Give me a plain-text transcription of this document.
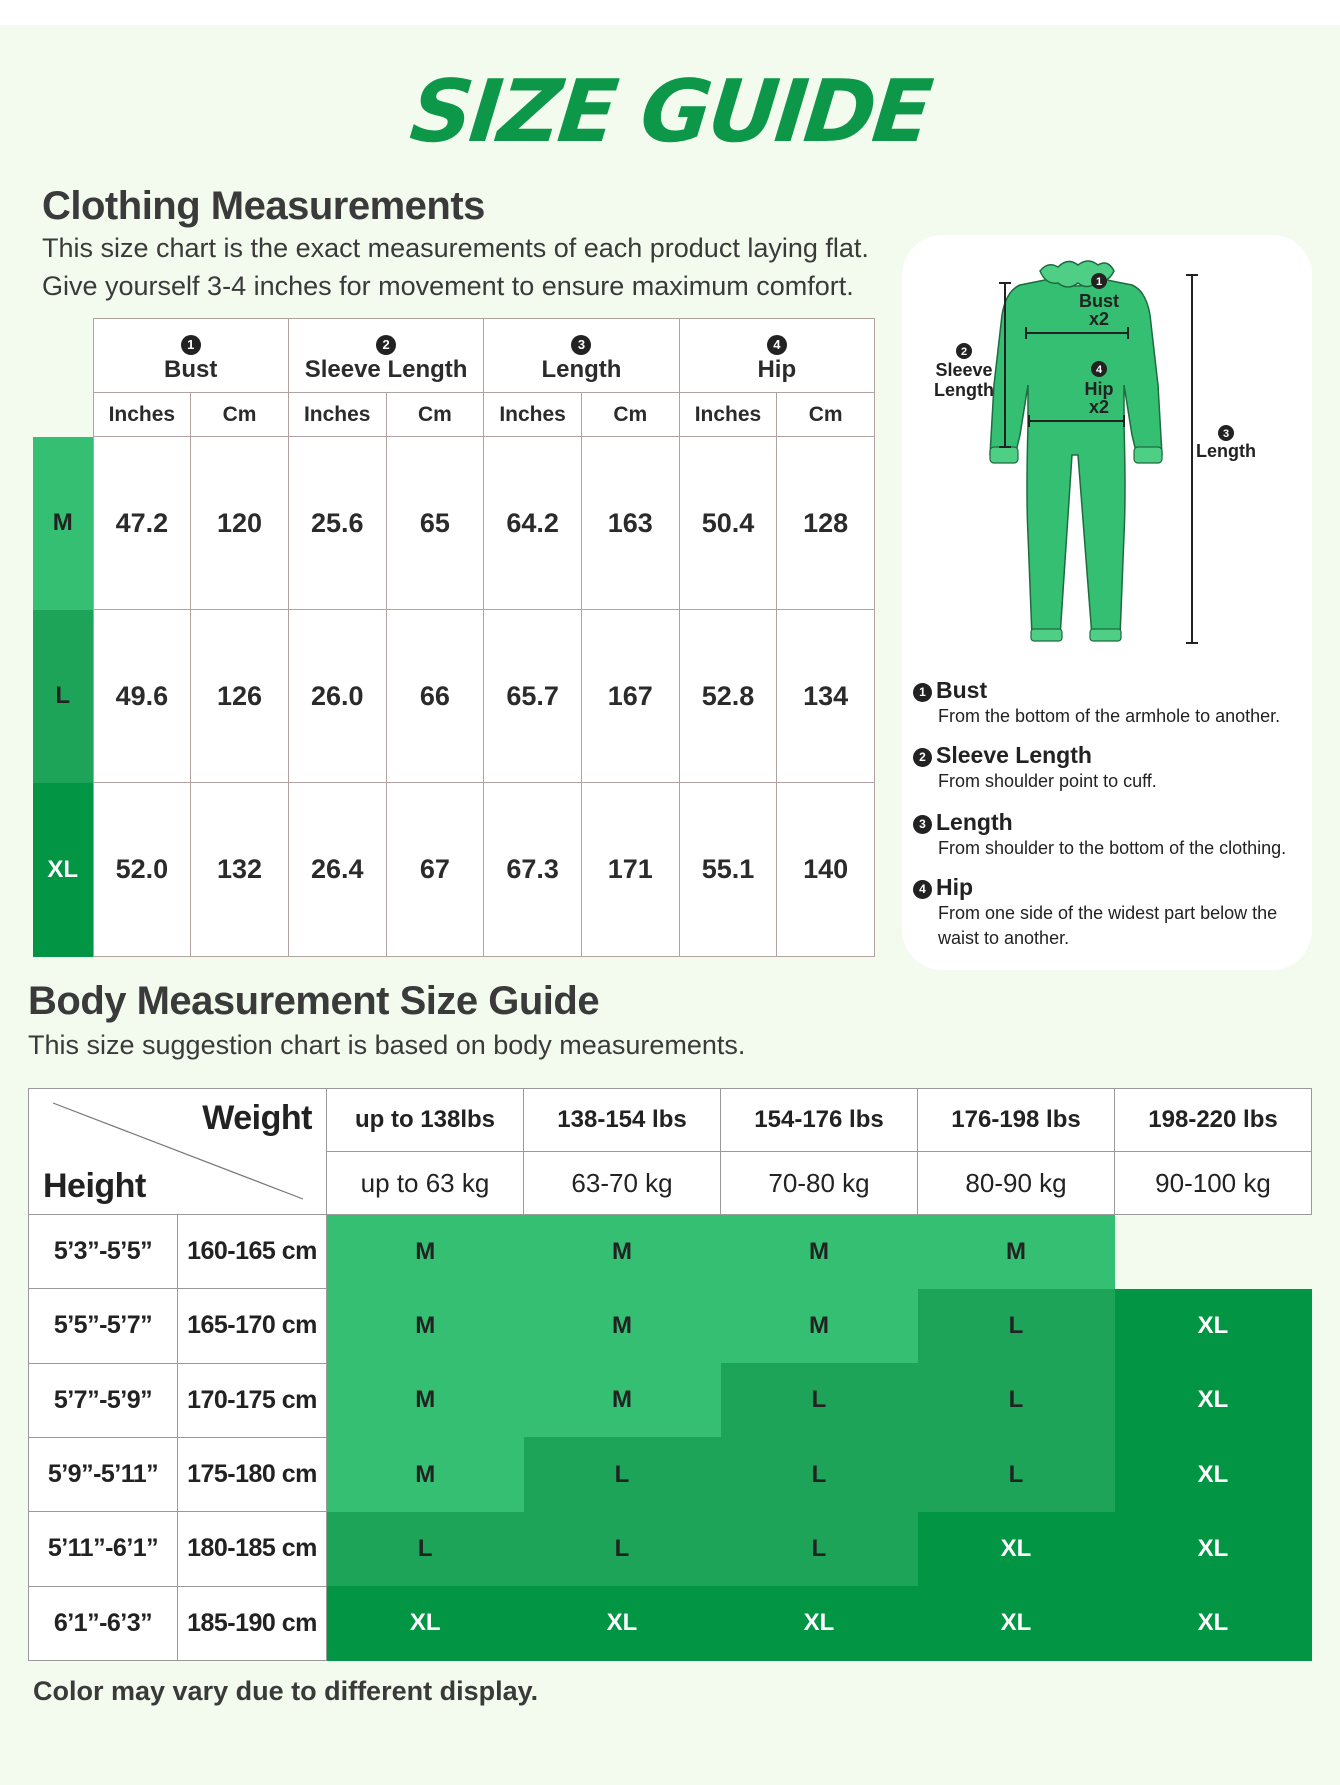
SIZE GUIDE
Clothing Measurements
This size chart is the exact measurements of each product laying flat.
Give yourself 3-4 inches for movement to ensure maximum comfort.
	1
Bust		2
Sleeve Length		3
Length		4
Hip	
	Inches	Cm	Inches	Cm	Inches	Cm	Inches	Cm
M	47.2	120	25.6	65	64.2	163	50.4	128
L	49.6	126	26.0	66	65.7	167	52.8	134
XL	52.0	132	26.4	67	67.3	171	55.1	140
1
Bust
x2
4
Hip
x2
2
Sleeve
Length
3
Length
1 Bust
From the bottom of the armhole to another.
2 Sleeve Length
From shoulder point to cuff.
3 Length
From shoulder to the bottom of the clothing.
4 Hip
From one side of the widest part below the waist to another.
Body Measurement Size Guide
This size suggestion chart is based on body measurements.
Weight
Height		up to 138lbs	138-154 lbs	154-176 lbs	176-198 lbs	198-220 lbs
		up to 63 kg	63-70 kg	70-80 kg	80-90 kg	90-100 kg
5’3”-5’5”	160-165 cm	M	M	M	M	
5’5”-5’7”	165-170 cm	M	M	M	L	XL
5’7”-5’9”	170-175 cm	M	M	L	L	XL
5’9”-5’11”	175-180 cm	M	L	L	L	XL
5’11”-6’1”	180-185 cm	L	L	L	XL	XL
6’1”-6’3”	185-190 cm	XL	XL	XL	XL	XL
Color may vary due to different display.
